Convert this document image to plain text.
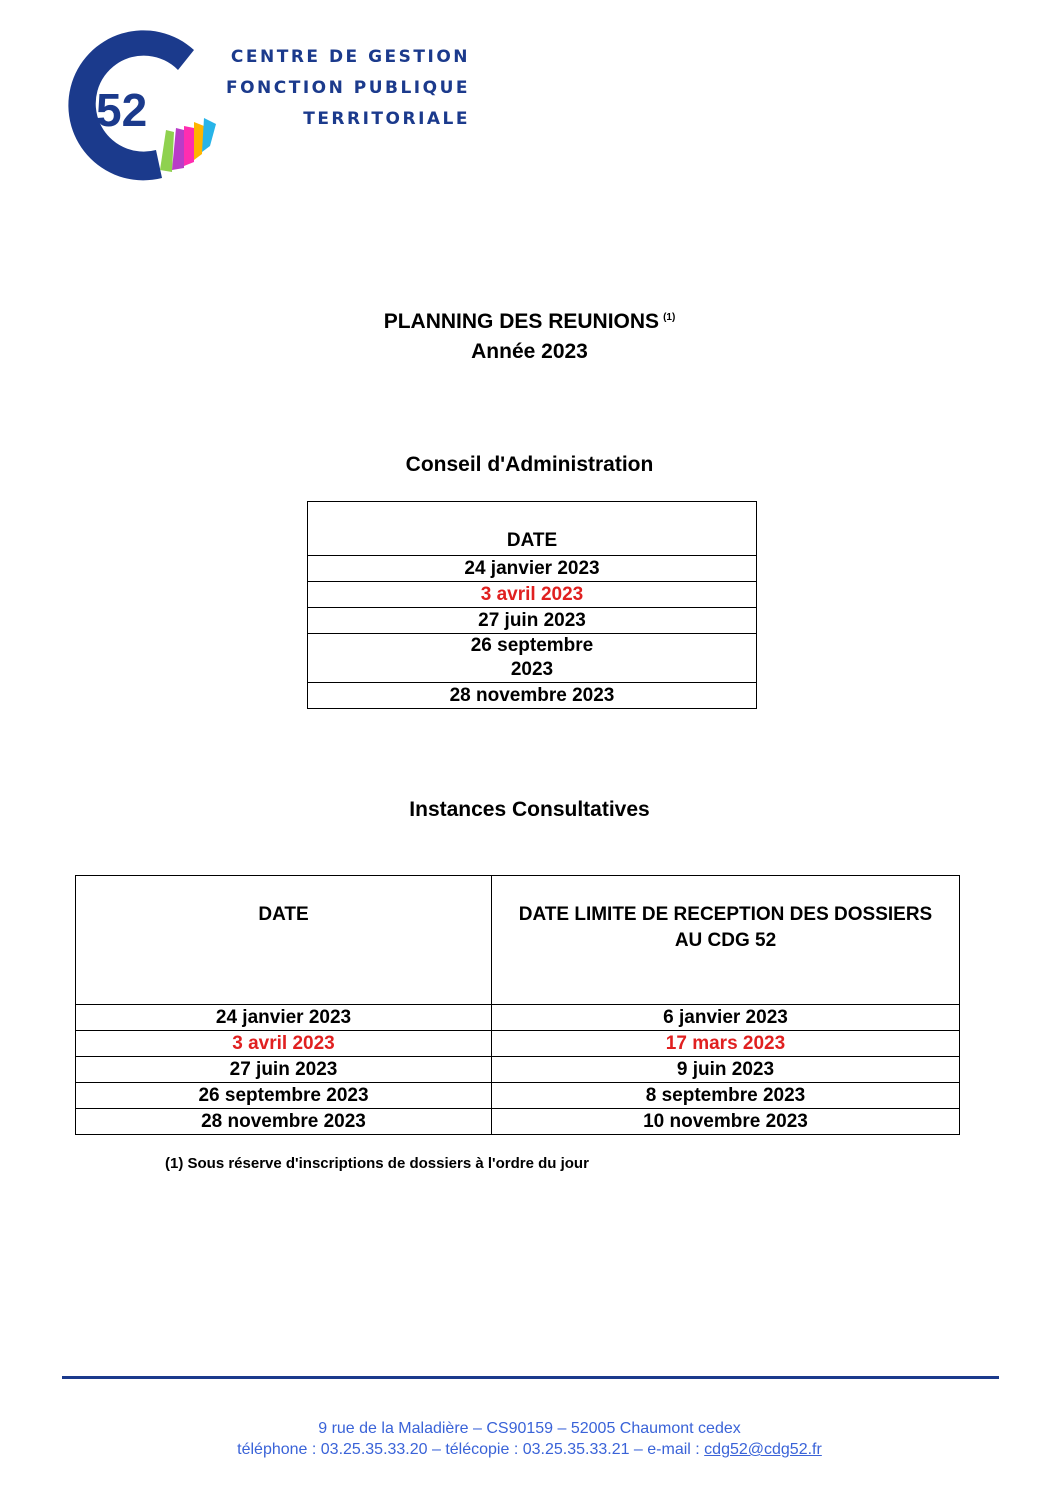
52
CENTRE DE GESTION
FONCTION PUBLIQUE
TERRITORIALE
PLANNING DES REUNIONS $^{(1)}$
Année 2023
Conseil d'Administration
DATE
24 janvier 2023
3 avril 2023
27 juin 2023

26 septembre 2023

28 novembre 2023
Instances Consultatives
DATE	DATE LIMITE DE RECEPTION DES DOSSIERS AU CDG 52

24 janvier 2023	6 janvier 2023
3 avril 2023	17 mars 2023
27 juin 2023	9 juin 2023
26 septembre 2023	8 septembre 2023
28 novembre 2023	10 novembre 2023
(1) Sous réserve d'inscriptions de dossiers à l'ordre du jour
9 rue de la Maladière – CS90159 – 52005 Chaumont cedex
téléphone : 03.25.35.33.20 – télécopie : 03.25.35.33.21 – e-mail : cdg52@cdg52.fr
